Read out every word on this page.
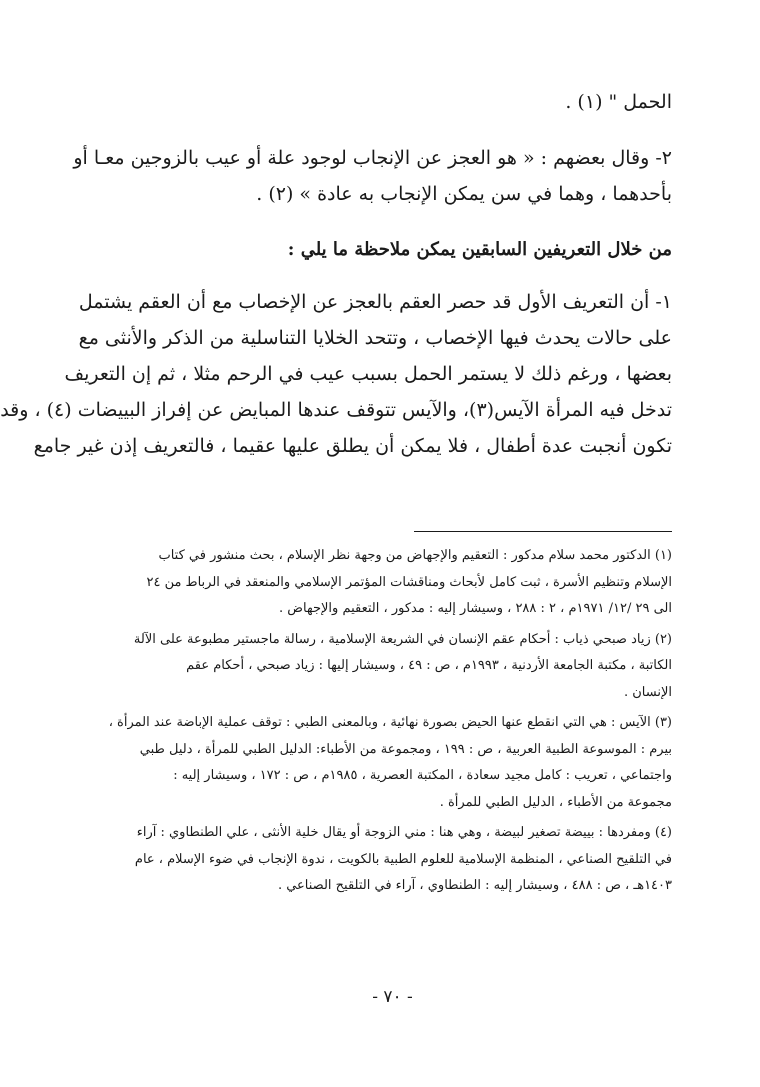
الحمل " (١) .
٢- وقال بعضهم : « هو العجز عن الإنجاب لوجود علة أو عيب بالزوجين معـا أو
بأحدهما ، وهما في سن يمكن الإنجاب به عادة » (٢) .
من خلال التعريفين السابقين يمكن ملاحظة ما يلي :
١- أن التعريف الأول قد حصر العقم بالعجز عن الإخصاب مع أن العقم يشتمل
على حالات يحدث فيها الإخصاب ، وتتحد الخلايا التناسلية من الذكر والأنثى مع
بعضها ، ورغم ذلك لا يستمر الحمل بسبب عيب في الرحم مثلا ، ثم إن التعريف
تدخل فيه المرأة الآيس(٣)، والآيس تتوقف عندها المبايض عن إفراز البييضات (٤) ، وقد
تكون أنجبت عدة أطفال ، فلا يمكن أن يطلق عليها عقيما ، فالتعريف إذن غير جامع
(١) الدكتور محمد سلام مدكور : التعقيم والإجهاض من وجهة نظر الإسلام ، بحث منشور في كتاب
الإسلام وتنظيم الأسرة ، ثبت كامل لأبحاث ومناقشات المؤتمر الإسلامي والمنعقد في الرباط من ٢٤
الى ٢٩ /١٢/ ١٩٧١م ، ٢ : ٢٨٨ ، وسيشار إليه : مدكور ، التعقيم والإجهاض .
(٢) زياد صبحي ذياب : أحكام عقم الإنسان في الشريعة الإسلامية ، رسالة ماجستير مطبوعة على الآلة
الكاتبة ، مكتبة الجامعة الأردنية ، ١٩٩٣م ، ص : ٤٩ ، وسيشار إليها : زياد صبحي ، أحكام عقم
الإنسان .
(٣) الآيس : هي التي انقطع عنها الحيض بصورة نهائية ، وبالمعنى الطبي : توقف عملية الإباضة عند المرأة ،
بيرم : الموسوعة الطبية العربية ، ص : ١٩٩ ، ومجموعة من الأطباء: الدليل الطبي للمرأة ، دليل طبي
واجتماعي ، تعريب : كامل مجيد سعادة ، المكتبة العصرية ، ١٩٨٥م ، ص : ١٧٢ ، وسيشار إليه :
مجموعة من الأطباء ، الدليل الطبي للمرأة .
(٤) ومفردها : بييضة تصغير لبيضة ، وهي هنا : مني الزوجة أو يقال خلية الأنثى ، علي الطنطاوي : آراء
في التلقيح الصناعي ، المنظمة الإسلامية للعلوم الطبية بالكويت ، ندوة الإنجاب في ضوء الإسلام ، عام
١٤٠٣هـ ، ص : ٤٨٨ ، وسيشار إليه : الطنطاوي ، آراء في التلقيح الصناعي .
- ٧٠ -
